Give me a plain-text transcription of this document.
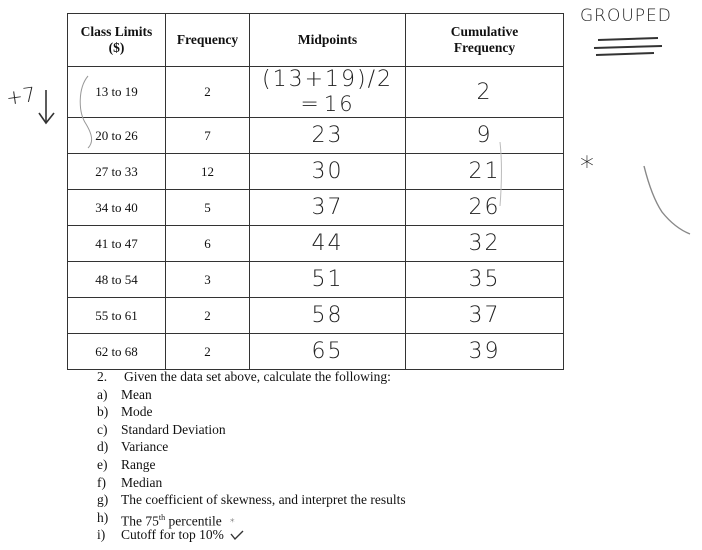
Class Limits
($)	Frequency	Midpoints	Cumulative
Frequency
13 to 19	2	(13+19)/2 = 16	2
20 to 26	7	23	9
27 to 33	12	30	21
34 to 40	5	37	26
41 to 47	6	44	32
48 to 54	3	51	35
55 to 61	2	58	37
62 to 68	2	65	39
GROUPED
+7
*
2. Given the data set above, calculate the following:
a) Mean
b) Mode
c) Standard Deviation
d) Variance
e) Range
f) Median
g) The coefficient of skewness, and interpret the results
h) The 75th percentile *
i) Cutoff for top 10%
